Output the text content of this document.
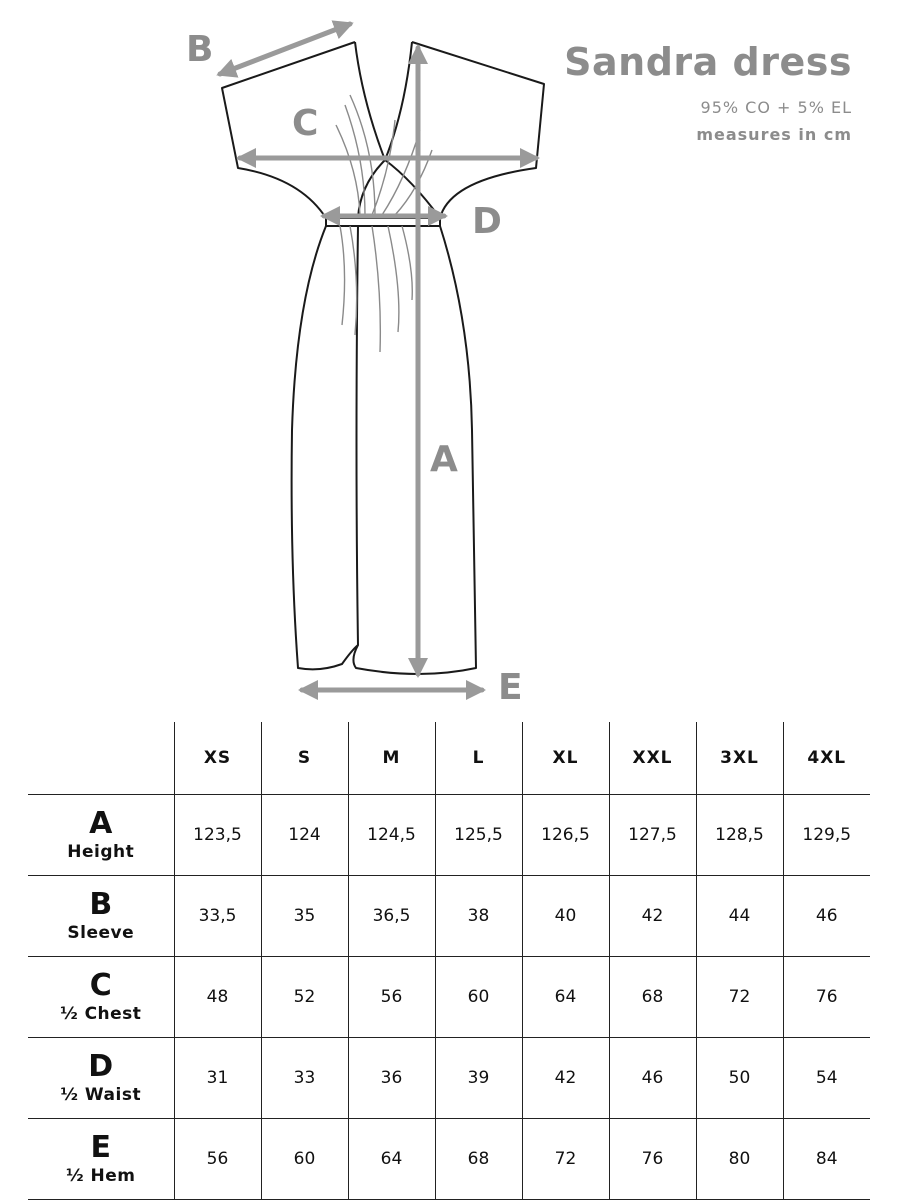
B
C
D
A
E
Sandra dress
95% CO + 5% EL
measures in cm
	XS	S	M	L	XL	XXL	3XL	4XL

A
Height	123,5	124	124,5	125,5	126,5	127,5	128,5	129,5

B
Sleeve	33,5	35	36,5	38	40	42	44	46

C
½ Chest	48	52	56	60	64	68	72	76

D
½ Waist	31	33	36	39	42	46	50	54

E
½ Hem	56	60	64	68	72	76	80	84
